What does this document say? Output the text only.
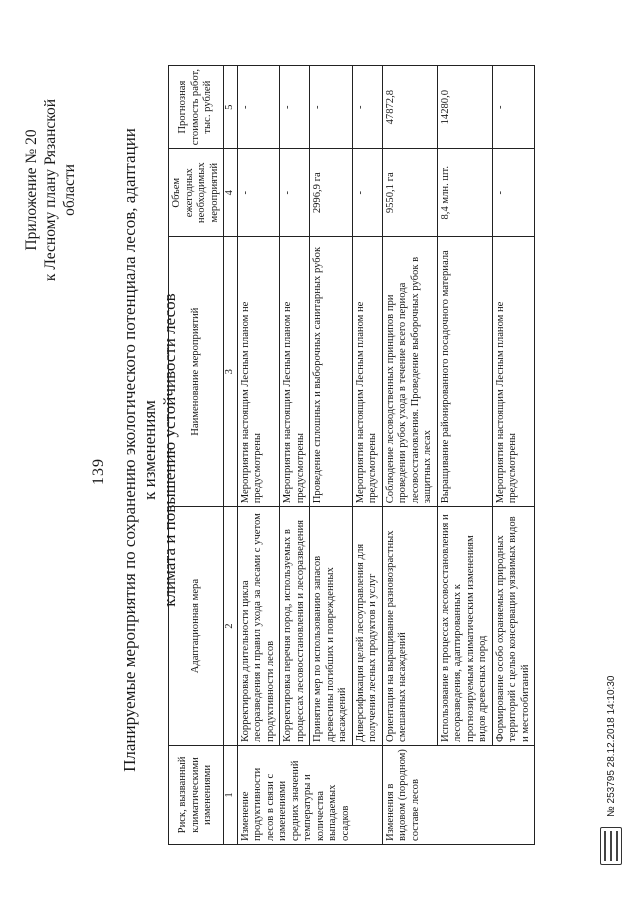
139
Приложение № 20 к Лесному плану Рязанской области Планируемые мероприятия по сохранению экологического потенциала лесов, адаптации к изменениям климата и повышению устойчивости лесов
Риск, вызванный климатическими изменениями	Адаптационная мера	Наименование мероприятий	Объем ежегодных необходимых мероприятий	Прогнозная стоимость работ, тыс. рублей
1	2	3	4	5
Изменение продуктивности лесов в связи с изменениями средних значений температуры и количества выпадаемых осадков	Корректировка длительности цикла лесоразведения и правил ухода за лесами с учетом продуктивности лесов	Мероприятия настоящим Лесным планом не предусмотрены	-	-
	Корректировка перечня пород, используемых в процессах лесовосстановления и лесоразведения	Мероприятия настоящим Лесным планом не предусмотрены	-	-
	Принятие мер по использованию запасов древесины погибших и поврежденных насаждений	Проведение сплошных и выборочных санитарных рубок	2996,9 га	-
	Диверсификация целей лесоуправления для получения лесных продуктов и услуг	Мероприятия настоящим Лесным планом не предусмотрены	-	-
Изменения в видовом (породном) составе лесов	Ориентация на выращивание разновозрастных смешанных насаждений	Соблюдение лесоводственных принципов при проведении рубок ухода в течение всего периода лесовосстановления. Проведение выборочных рубок в защитных лесах	9550,1 га	47872,8
	Использование в процессах лесовосстановления и лесоразведения, адаптированных к прогнозируемым климатическим изменениям видов древесных пород	Выращивание районированного посадочного материала	8,4 млн. шт.	14280,0
	Формирование особо охраняемых природных территорий с целью консервации уязвимых видов и местообитаний	Мероприятия настоящим Лесным планом не предусмотрены	-	-
№ 253795 28.12.2018 14:10:30
